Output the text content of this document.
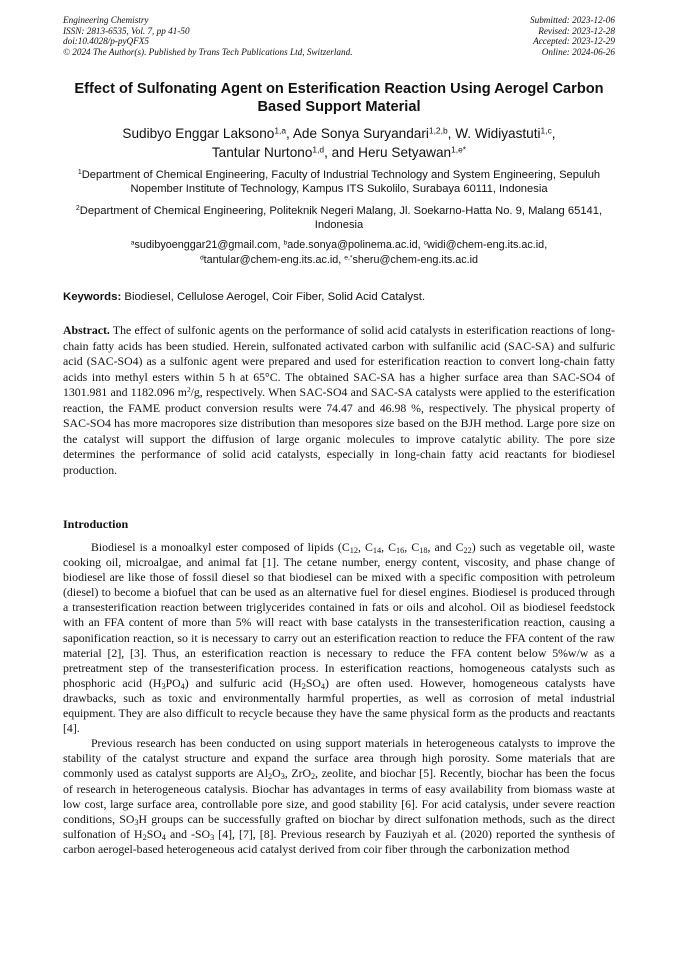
Engineering Chemistry
ISSN: 2813-6535, Vol. 7, pp 41-50
doi:10.4028/p-pyQFX5
© 2024 The Author(s). Published by Trans Tech Publications Ltd, Switzerland.
Submitted: 2023-12-06
Revised: 2023-12-28
Accepted: 2023-12-29
Online: 2024-06-26
Effect of Sulfonating Agent on Esterification Reaction Using Aerogel Carbon Based Support Material
Sudibyo Enggar Laksono$^{1,a}$, Ade Sonya Suryandari$^{1,2,b}$, W. Widiyastuti$^{1,c}$,
Tantular Nurtono$^{1,d}$, and Heru Setyawan$^{1,e*}$
$^1$Department of Chemical Engineering, Faculty of Industrial Technology and System Engineering, Sepuluh Nopember Institute of Technology, Kampus ITS Sukolilo, Surabaya 60111, Indonesia
$^2$Department of Chemical Engineering, Politeknik Negeri Malang, Jl. Soekarno-Hatta No. 9, Malang 65141, Indonesia
$^a$sudibyoenggar21@gmail.com, $^b$ade.sonya@polinema.ac.id, $^c$widi@chem-eng.its.ac.id,
$^d$tantular@chem-eng.its.ac.id, $^{e,*}$sheru@chem-eng.its.ac.id
Keywords: Biodiesel, Cellulose Aerogel, Coir Fiber, Solid Acid Catalyst.
Abstract. The effect of sulfonic agents on the performance of solid acid catalysts in esterification reactions of long-chain fatty acids has been studied. Herein, sulfonated activated carbon with sulfanilic acid (SAC-SA) and sulfuric acid (SAC-SO4) as a sulfonic agent were prepared and used for esterification reaction to convert long-chain fatty acids into methyl esters within 5 h at 65°C. The obtained SAC-SA has a higher surface area than SAC-SO4 of 1301.981 and 1182.096 $m^2/g$, respectively. When SAC-SO4 and SAC-SA catalysts were applied to the esterification reaction, the FAME product conversion results were 74.47 and 46.98 %, respectively. The physical property of SAC-SO4 has more macropores size distribution than mesopores size based on the BJH method. Large pore size on the catalyst will support the diffusion of large organic molecules to improve catalytic ability. The pore size determines the performance of solid acid catalysts, especially in long-chain fatty acid reactants for biodiesel production.
Introduction

Biodiesel is a monoalkyl ester composed of lipids ($C_{12}$, $C_{14}$, $C_{16}$, $C_{18}$, and $C_{22}$) such as vegetable oil, waste cooking oil, microalgae, and animal fat [1]. The cetane number, energy content, viscosity, and phase change of biodiesel are like those of fossil diesel so that biodiesel can be mixed with a specific composition with petroleum (diesel) to become a biofuel that can be used as an alternative fuel for diesel engines. Biodiesel is produced through a transesterification reaction between triglycerides contained in fats or oils and alcohol. Oil as biodiesel feedstock with an FFA content of more than 5% will react with base catalysts in the transesterification reaction, causing a saponification reaction, so it is necessary to carry out an esterification reaction to reduce the FFA content of the raw material [2], [3]. Thus, an esterification reaction is necessary to reduce the FFA content below 5%w/w as a pretreatment step of the transesterification process. In esterification reactions, homogeneous catalysts such as phosphoric acid $(H_3PO_4)$ and sulfuric acid $(H_2SO_4)$ are often used. However, homogeneous catalysts have drawbacks, such as toxic and environmentally harmful properties, as well as corrosion of metal industrial equipment. They are also difficult to recycle because they have the same physical form as the products and reactants [4].

Previous research has been conducted on using support materials in heterogeneous catalysts to improve the stability of the catalyst structure and expand the surface area through high porosity. Some materials that are commonly used as catalyst supports are $Al_2O_3$, ZrO$_2$, zeolite, and biochar [5]. Recently, biochar has been the focus of research in heterogeneous catalysis. Biochar has advantages in terms of easy availability from biomass waste at low cost, large surface area, controllable pore size, and good stability [6]. For acid catalysis, under severe reaction conditions, $SO_3H$ groups can be successfully grafted on biochar by direct sulfonation methods, such as the direct sulfonation of $H_2SO_4$ and $-SO_3$ [4], [7], [8]. Previous research by Fauziyah et al. (2020) reported the synthesis of carbon aerogel-based heterogeneous acid catalyst derived from coir fiber through the carbonization method
